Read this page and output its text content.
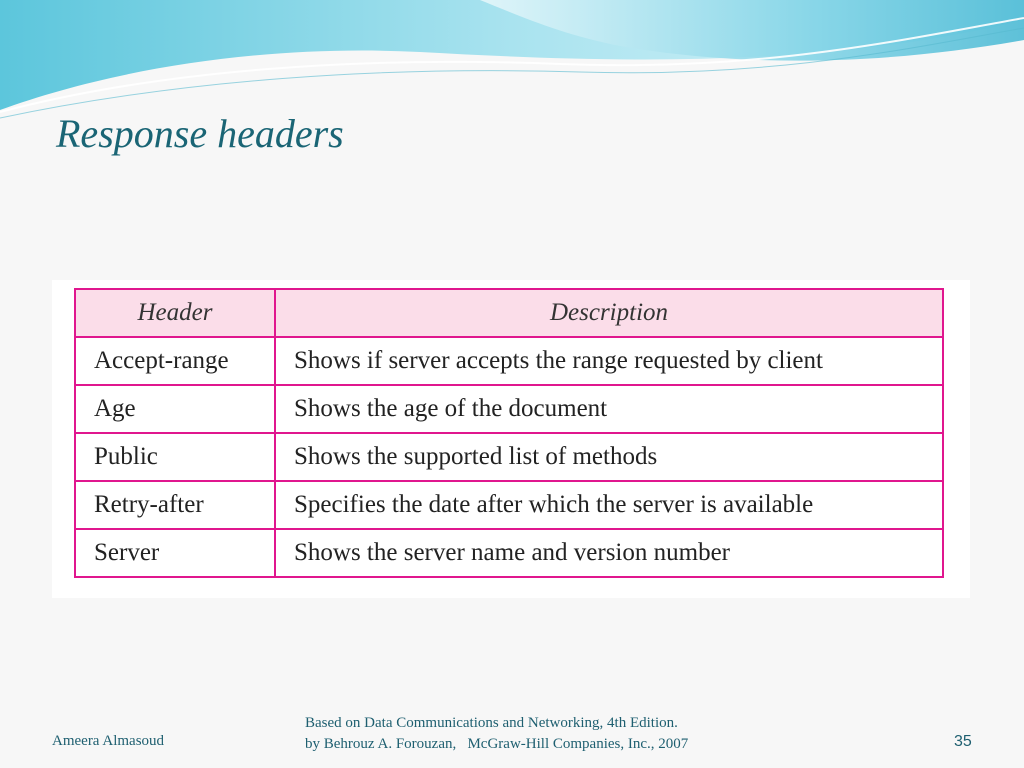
Response headers
Header	Description
Accept-range	Shows if server accepts the range requested by client
Age	Shows the age of the document
Public	Shows the supported list of methods
Retry-after	Specifies the date after which the server is available
Server	Shows the server name and version number
Ameera Almasoud
Based on Data Communications and Networking, 4th Edition.
by Behrouz A. Forouzan,   McGraw-Hill Companies, Inc., 2007	35
